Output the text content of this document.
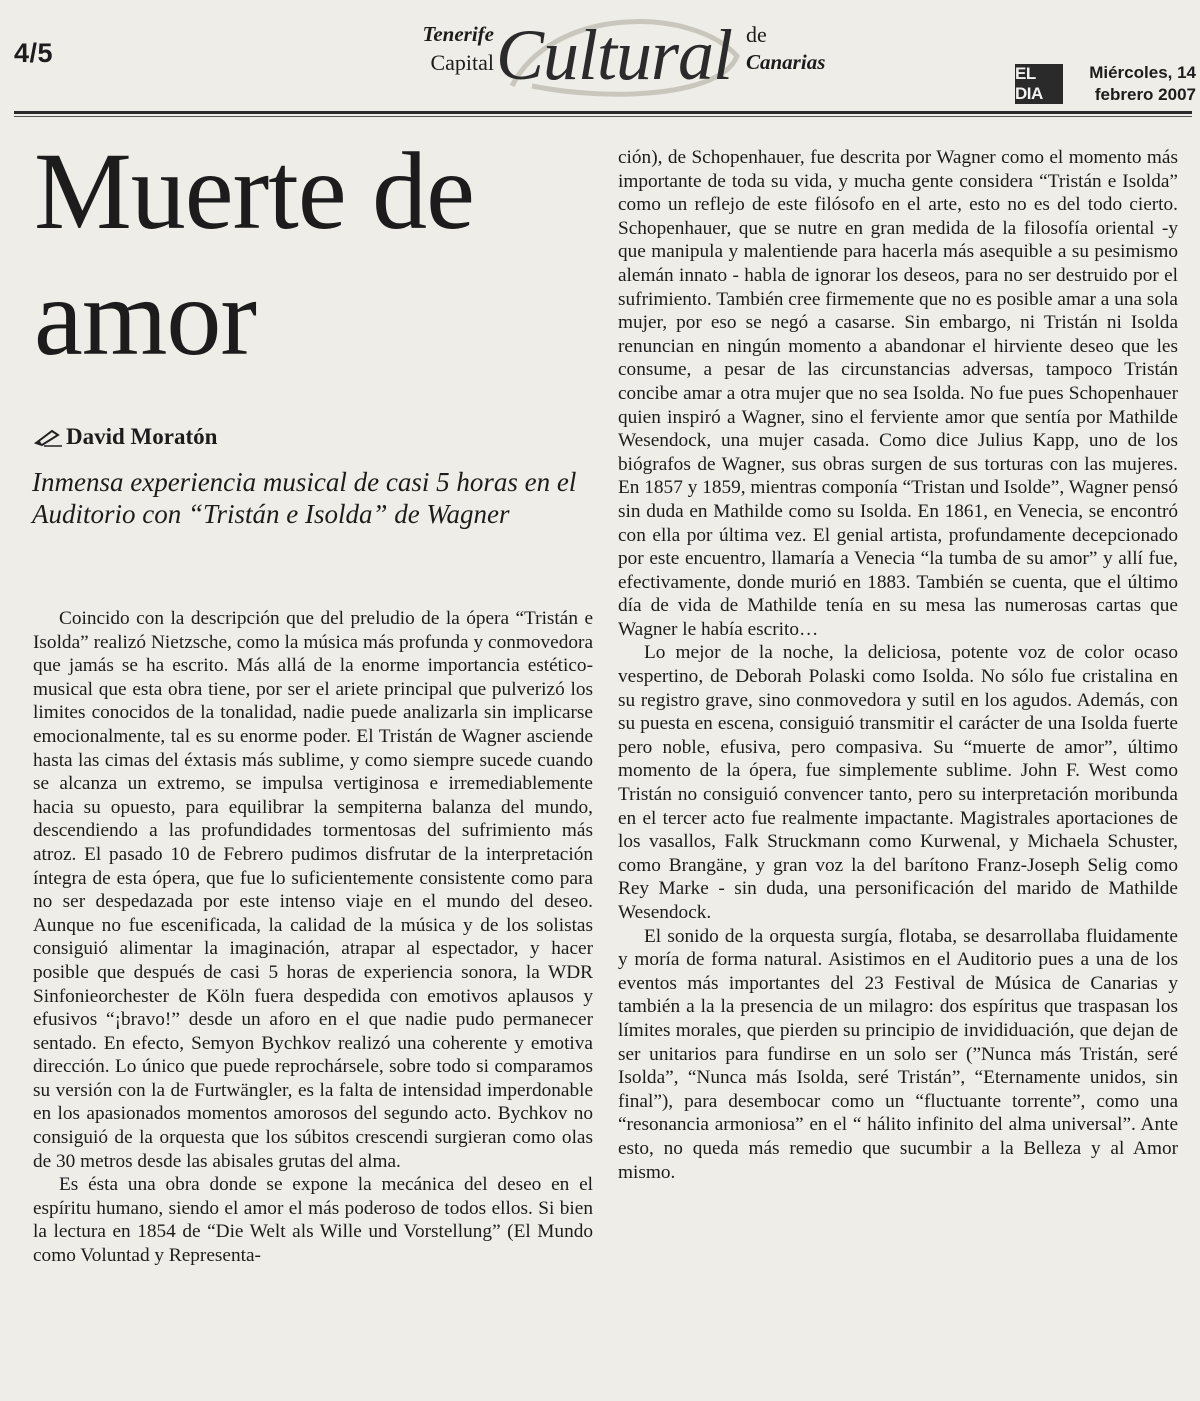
4/5
Tenerife
Capital Cultural de
Canarias	EL DIA
Miércoles, 14
febrero 2007
Muerte de amor
David Moratón
Inmensa experiencia musical de casi 5 horas en el Auditorio con “Tristán e Isolda” de Wagner

Coincido con la descripción que del preludio de la ópera “Tristán e Isolda” realizó Nietzsche, como la música más profunda y conmovedora que jamás se ha escrito. Más allá de la enorme importancia estético-musical que esta obra tiene, por ser el ariete principal que pulverizó los limites conocidos de la tonalidad, nadie puede analizarla sin implicarse emocionalmente, tal es su enorme poder. El Tristán de Wagner asciende hasta las cimas del éxtasis más sublime, y como siempre sucede cuando se alcanza un extremo, se impulsa vertiginosa e irremediablemente hacia su opuesto, para equilibrar la sempiterna balanza del mundo, descendiendo a las profundidades tormentosas del sufrimiento más atroz. El pasado 10 de Febrero pudimos disfrutar de la interpretación íntegra de esta ópera, que fue lo suficientemente consistente como para no ser despedazada por este intenso viaje en el mundo del deseo. Aunque no fue escenificada, la calidad de la música y de los solistas consiguió alimentar la imaginación, atrapar al espectador, y hacer posible que después de casi 5 horas de experiencia sonora, la WDR Sinfonieorchester de Köln fuera despedida con emotivos aplausos y efusivos “¡bravo!” desde un aforo en el que nadie pudo permanecer sentado. En efecto, Semyon Bychkov realizó una coherente y emotiva dirección. Lo único que puede reprochársele, sobre todo si comparamos su versión con la de Furtwängler, es la falta de intensidad imperdonable en los apasionados momentos amorosos del segundo acto. Bychkov no consiguió de la orquesta que los súbitos crescendi surgieran como olas de 30 metros desde las abisales grutas del alma.

Es ésta una obra donde se expone la mecánica del deseo en el espíritu humano, siendo el amor el más poderoso de todos ellos. Si bien la lectura en 1854 de “Die Welt als Wille und Vorstellung” (El Mundo como Voluntad y Representa-

ción), de Schopenhauer, fue descrita por Wagner como el momento más importante de toda su vida, y mucha gente considera “Tristán e Isolda” como un reflejo de este filósofo en el arte, esto no es del todo cierto. Schopenhauer, que se nutre en gran medida de la filosofía oriental -y que manipula y malentiende para hacerla más asequible a su pesimismo alemán innato - habla de ignorar los deseos, para no ser destruido por el sufrimiento. También cree firmemente que no es posible amar a una sola mujer, por eso se negó a casarse. Sin embargo, ni Tristán ni Isolda renuncian en ningún momento a abandonar el hirviente deseo que les consume, a pesar de las circunstancias adversas, tampoco Tristán concibe amar a otra mujer que no sea Isolda. No fue pues Schopenhauer quien inspiró a Wagner, sino el ferviente amor que sentía por Mathilde Wesendock, una mujer casada. Como dice Julius Kapp, uno de los biógrafos de Wagner, sus obras surgen de sus torturas con las mujeres. En 1857 y 1859, mientras componía “Tristan und Isolde”, Wagner pensó sin duda en Mathilde como su Isolda. En 1861, en Venecia, se encontró con ella por última vez. El genial artista, profundamente decepcionado por este encuentro, llamaría a Venecia “la tumba de su amor” y allí fue, efectivamente, donde murió en 1883. También se cuenta, que el último día de vida de Mathilde tenía en su mesa las numerosas cartas que Wagner le había escrito…

Lo mejor de la noche, la deliciosa, potente voz de color ocaso vespertino, de Deborah Polaski como Isolda. No sólo fue cristalina en su registro grave, sino conmovedora y sutil en los agudos. Además, con su puesta en escena, consiguió transmitir el carácter de una Isolda fuerte pero noble, efusiva, pero compasiva. Su “muerte de amor”, último momento de la ópera, fue simplemente sublime. John F. West como Tristán no consiguió convencer tanto, pero su interpretación moribunda en el tercer acto fue realmente impactante. Magistrales aportaciones de los vasallos, Falk Struckmann como Kurwenal, y Michaela Schuster, como Brangäne, y gran voz la del barítono Franz-Joseph Selig como Rey Marke - sin duda, una personificación del marido de Mathilde Wesendock.

El sonido de la orquesta surgía, flotaba, se desarrollaba fluidamente y moría de forma natural. Asistimos en el Auditorio pues a una de los eventos más importantes del 23 Festival de Música de Canarias y también a la la presencia de un milagro: dos espíritus que traspasan los límites morales, que pierden su principio de invididuación, que dejan de ser unitarios para fundirse en un solo ser (”Nunca más Tristán, seré Isolda”, “Nunca más Isolda, seré Tristán”, “Eternamente unidos, sin final”), para desembocar como un “fluctuante torrente”, como una “resonancia armoniosa” en el “ hálito infinito del alma universal”. Ante esto, no queda más remedio que sucumbir a la Belleza y al Amor mismo.
